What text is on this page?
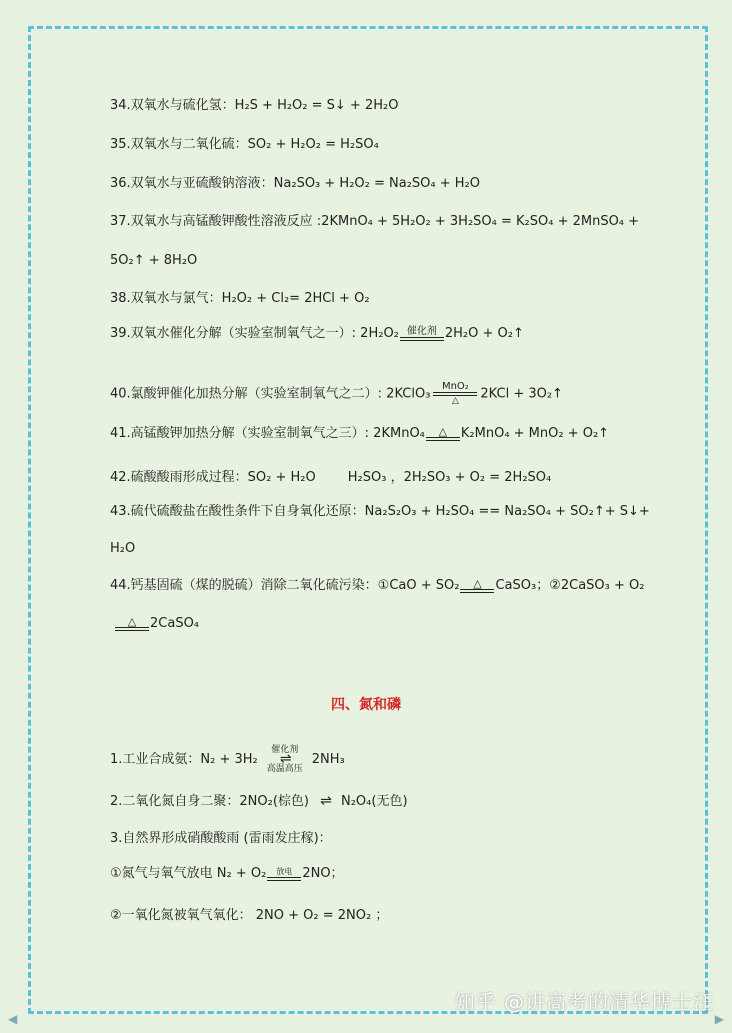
34.双氧水与硫化氢：H₂S + H₂O₂ = S↓ + 2H₂O
35.双氧水与二氧化硫：SO₂ + H₂O₂ = H₂SO₄
36.双氧水与亚硫酸钠溶液：Na₂SO₃ + H₂O₂ = Na₂SO₄ + H₂O
37.双氧水与高锰酸钾酸性溶液反应 :2KMnO₄ + 5H₂O₂ + 3H₂SO₄ = K₂SO₄ + 2MnSO₄ +
5O₂↑ + 8H₂O
38.双氧水与氯气：H₂O₂ + Cl₂= 2HCl + O₂
39.双氧水催化分解（实验室制氧气之一）: 2H₂O₂ 催化剂 2H₂O + O₂↑
40.氯酸钾催化加热分解（实验室制氧气之二）: 2KClO₃	MnO₂
△	2KCl + 3O₂↑
41.高锰酸钾加热分解（实验室制氧气之三）: 2KMnO₄	△	K₂MnO₄ + MnO₂ + O₂↑
42.硫酸酸雨形成过程：SO₂ + H₂O H₂SO₃ ，2H₂SO₃ + O₂ = 2H₂SO₄
43.硫代硫酸盐在酸性条件下自身氧化还原：Na₂S₂O₃ + H₂SO₄ == Na₂SO₄ + SO₂↑+ S↓+
H₂O
44.钙基固硫（煤的脱硫）消除二氧化硫污染：①CaO + SO₂	△	CaSO₃；②2CaSO₃ + O₂
△	2CaSO₄
四、氮和磷
1.工业合成氨：N₂ + 3H₂催化剂
⇌
高温高压2NH₃
2.二氧化氮自身二聚：2NO₂(棕色) ⇌ N₂O₄(无色)
3.自然界形成硝酸酸雨 (雷雨发庄稼)：
①氮气与氧气放电 N₂ + O₂	放电 2NO；
②一氧化氮被氧气氧化： 2NO + O₂ = 2NO₂ ；
知乎 @讲高考的清华博士汪
◀	▶
